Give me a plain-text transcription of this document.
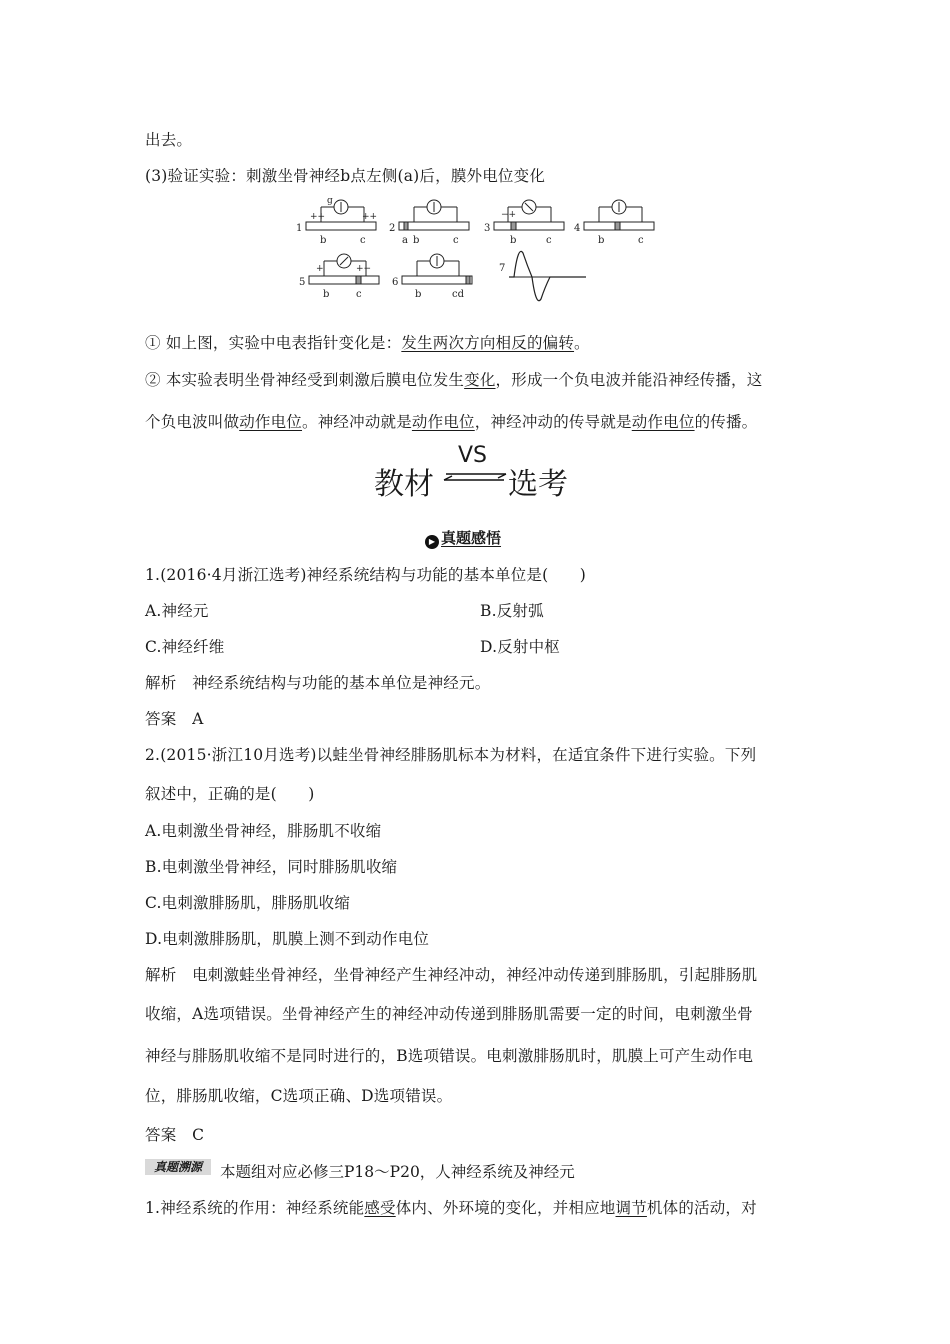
出去。
(3)验证实验：刺激坐骨神经b点左侧(a)后，膜外电位变化
1
g
++	++
b	c
2
a b	c
3
−+
b	c
4
b	c
5
+	+−
b	c
6
b	cd
7
① 如上图，实验中电表指针变化是：发生两次方向相反的偏转。
② 本实验表明坐骨神经受到刺激后膜电位发生变化，形成一个负电波并能沿神经传播，这
个负电波叫做动作电位。神经冲动就是动作电位，神经冲动的传导就是动作电位的传播。
教材
VS
选考
▶ 真题感悟
1.(2016·4月浙江选考)神经系统结构与功能的基本单位是(　　)
A.神经元	B.反射弧
C.神经纤维	D.反射中枢
解析　神经系统结构与功能的基本单位是神经元。
答案　A
2.(2015·浙江10月选考)以蛙坐骨神经腓肠肌标本为材料，在适宜条件下进行实验。下列
叙述中，正确的是(　　)
A.电刺激坐骨神经，腓肠肌不收缩
B.电刺激坐骨神经，同时腓肠肌收缩
C.电刺激腓肠肌，腓肠肌收缩
D.电刺激腓肠肌，肌膜上测不到动作电位
解析　电刺激蛙坐骨神经，坐骨神经产生神经冲动，神经冲动传递到腓肠肌，引起腓肠肌
收缩，A选项错误。坐骨神经产生的神经冲动传递到腓肠肌需要一定的时间，电刺激坐骨
神经与腓肠肌收缩不是同时进行的，B选项错误。电刺激腓肠肌时，肌膜上可产生动作电
位，腓肠肌收缩，C选项正确、D选项错误。
答案　C
真题溯源	本题组对应必修三P18～P20，人神经系统及神经元
1.神经系统的作用：神经系统能感受体内、外环境的变化，并相应地调节机体的活动，对
